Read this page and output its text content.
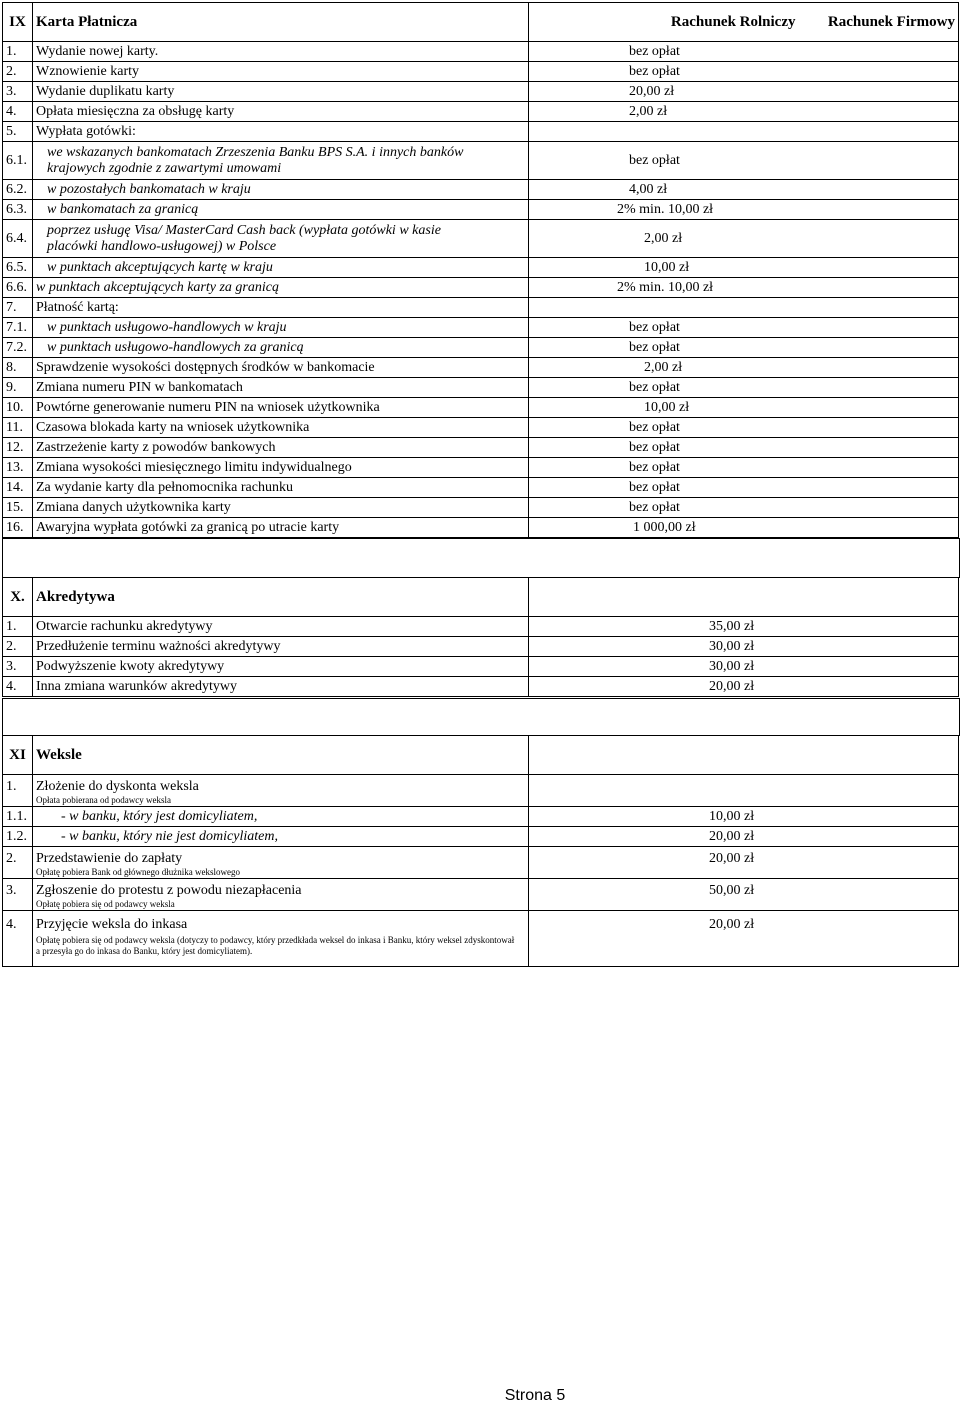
IX	Karta Płatnicza	Rachunek Rolniczy	Rachunek Firmowy
1.	Wydanie nowej karty.	bez opłat	
2.	Wznowienie karty	bez opłat	
3.	Wydanie duplikatu karty	20,00 zł	
4.	Opłata miesięczna za obsługę karty	2,00 zł	
5.	Wypłata gotówki:		
6.1.	we wskazanych bankomatach Zrzeszenia Banku BPS S.A. i innych banków krajowych zgodnie z zawartymi umowami	bez opłat	
6.2.	w pozostałych bankomatach w kraju	4,00 zł	
6.3.	w bankomatach za granicą	2% min. 10,00 zł	
6.4.	poprzez usługę Visa/ MasterCard Cash back (wypłata gotówki w kasie placówki handlowo-usługowej) w Polsce	2,00 zł	
6.5.	w punktach akceptujących kartę w kraju	10,00 zł	
6.6.	w punktach akceptujących karty za granicą	2% min. 10,00 zł	
7.	Płatność kartą:		
7.1.	w punktach usługowo-handlowych w kraju	bez opłat	
7.2.	w punktach usługowo-handlowych za granicą	bez opłat	
8.	Sprawdzenie wysokości dostępnych środków w bankomacie	2,00 zł	
9.	Zmiana numeru PIN w bankomatach	bez opłat	
10.	Powtórne generowanie numeru PIN na wniosek użytkownika	10,00 zł	
11.	Czasowa blokada karty na wniosek użytkownika	bez opłat	
12.	Zastrzeżenie karty z powodów bankowych	bez opłat	
13.	Zmiana wysokości miesięcznego limitu indywidualnego	bez opłat	
14.	Za wydanie karty dla pełnomocnika rachunku	bez opłat	
15.	Zmiana danych użytkownika karty	bez opłat	
16.	Awaryjna wypłata gotówki za granicą po utracie karty	1 000,00 zł	
X.	Akredytywa	
1.	Otwarcie rachunku akredytywy	35,00 zł
2.	Przedłużenie terminu ważności akredytywy	30,00 zł
3.	Podwyższenie kwoty akredytywy	30,00 zł
4.	Inna zmiana warunków akredytywy	20,00 zł
XI	Weksle	
1.	Złożenie do dyskonta weksla
Opłata pobierana od podawcy weksla	

1.1.	- w banku, który jest domicyliatem,	10,00 zł
1.2.	- w banku, który nie jest domicyliatem,	20,00 zł
2.	Przedstawienie do zapłaty
Opłatę pobiera Bank od głównego dłużnika wekslowego	20,00 zł
3.	Zgłoszenie do protestu z powodu niezapłacenia
Opłatę pobiera się od podawcy weksla	50,00 zł
4.	Przyjęcie weksla do inkasa
Opłatę pobiera się od podawcy weksla (dotyczy to podawcy, który przedkłada weksel do inkasa i Banku, który weksel zdyskontował a przesyła go do inkasa do Banku, który jest domicyliatem).	20,00 zł
Strona 5
